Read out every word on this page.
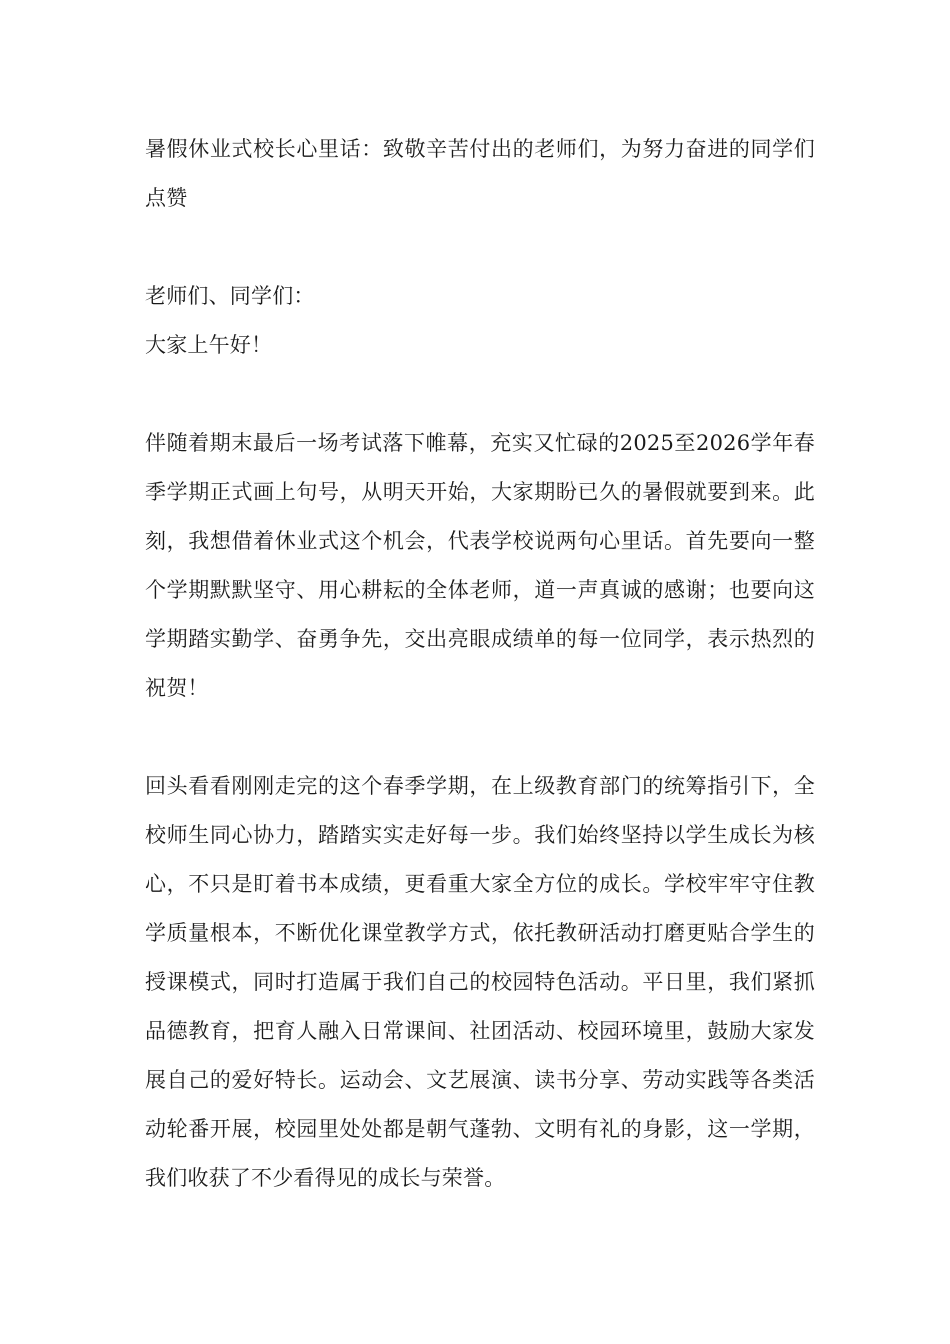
暑假休业式校长心里话：致敬辛苦付出的老师们，为努力奋进的同学们点赞

老师们、同学们：

大家上午好！

伴随着期末最后一场考试落下帷幕，充实又忙碌的2025至2026学年春季学期正式画上句号，从明天开始，大家期盼已久的暑假就要到来。此刻，我想借着休业式这个机会，代表学校说两句心里话。首先要向一整个学期默默坚守、用心耕耘的全体老师，道一声真诚的感谢；也要向这学期踏实勤学、奋勇争先，交出亮眼成绩单的每一位同学，表示热烈的祝贺！

回头看看刚刚走完的这个春季学期，在上级教育部门的统筹指引下，全校师生同心协力，踏踏实实走好每一步。我们始终坚持以学生成长为核心，不只是盯着书本成绩，更看重大家全方位的成长。学校牢牢守住教学质量根本，不断优化课堂教学方式，依托教研活动打磨更贴合学生的授课模式，同时打造属于我们自己的校园特色活动。平日里，我们紧抓品德教育，把育人融入日常课间、社团活动、校园环境里，鼓励大家发展自己的爱好特长。运动会、文艺展演、读书分享、劳动实践等各类活动轮番开展，校园里处处都是朝气蓬勃、文明有礼的身影，这一学期，我们收获了不少看得见的成长与荣誉。
